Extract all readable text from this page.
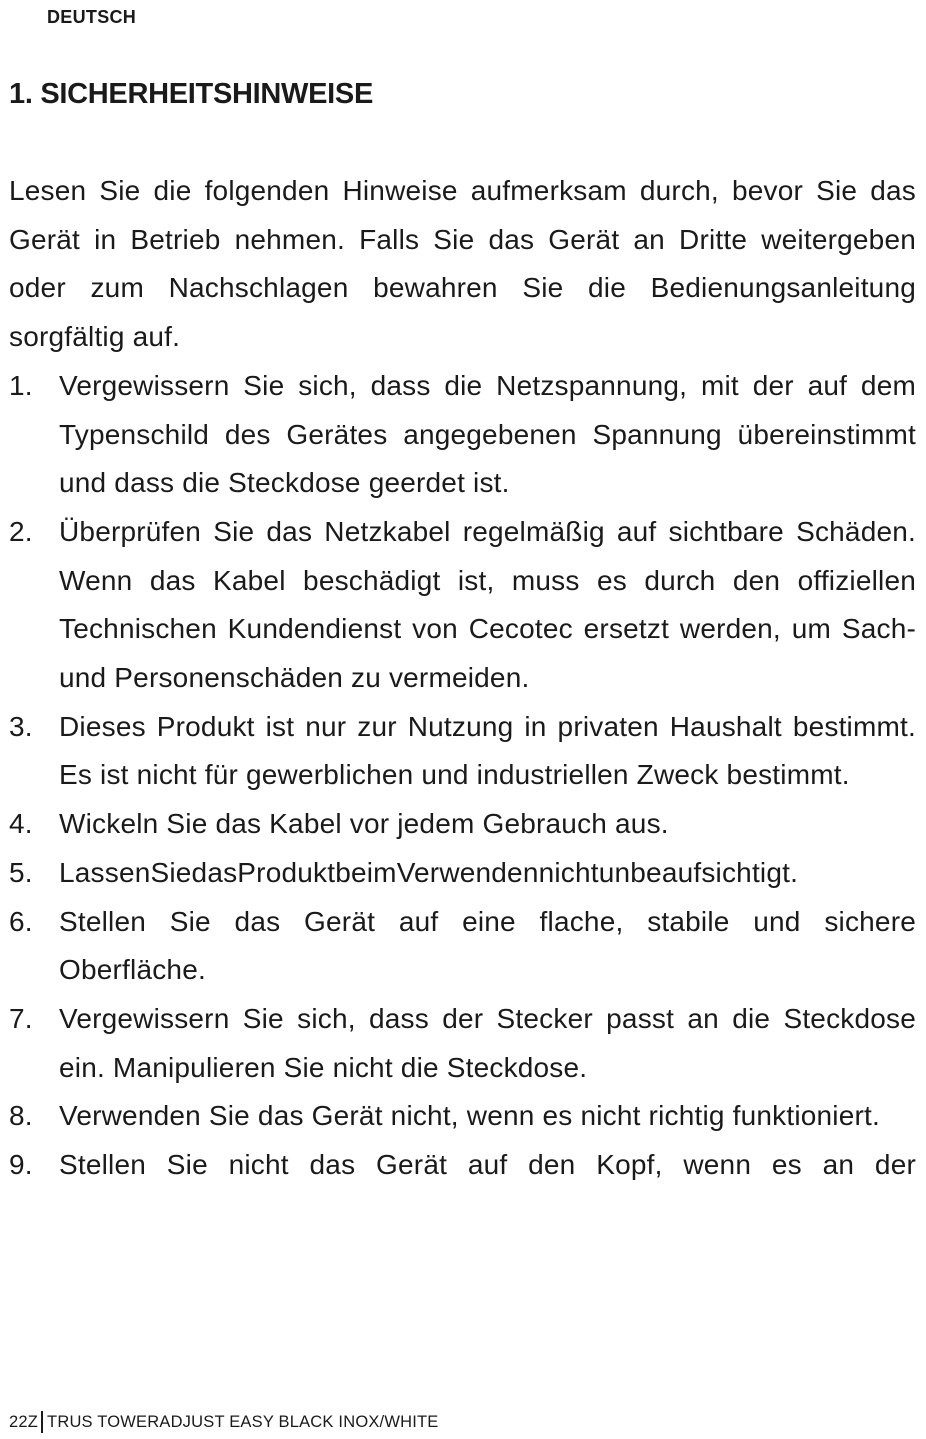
DEUTSCH
1. SICHERHEITSHINWEISE

Lesen Sie die folgenden Hinweise aufmerksam durch, bevor Sie das Gerät in Betrieb nehmen. Falls Sie das Gerät an Dritte weitergeben oder zum Nachschlagen bewahren Sie die Bedienungsanleitung sorgfältig auf.

1. Vergewissern Sie sich, dass die Netzspannung, mit der auf dem Typenschild des Gerätes angegebenen Spannung übereinstimmt und dass die Steckdose geerdet ist.
2. Überprüfen Sie das Netzkabel regelmäßig auf sichtbare Schäden. Wenn das Kabel beschädigt ist, muss es durch den offiziellen Technischen Kundendienst von Cecotec ersetzt werden, um Sach- und Personenschäden zu vermeiden.
3. Dieses Produkt ist nur zur Nutzung in privaten Haushalt bestimmt. Es ist nicht für gewerblichen und industriellen Zweck bestimmt.
4. Wickeln Sie das Kabel vor jedem Gebrauch aus.
5. LassenSiedasProduktbeimVerwendennichtunbeaufsichtigt.
6. Stellen Sie das Gerät auf eine flache, stabile und sichere Oberfläche.
7. Vergewissern Sie sich, dass der Stecker passt an die Steckdose ein. Manipulieren Sie nicht die Steckdose.
8. Verwenden Sie das Gerät nicht, wenn es nicht richtig funktioniert.
9. Stellen Sie nicht das Gerät auf den Kopf, wenn es an der
22Z TRUS TOWERADJUST EASY BLACK INOX/WHITE
